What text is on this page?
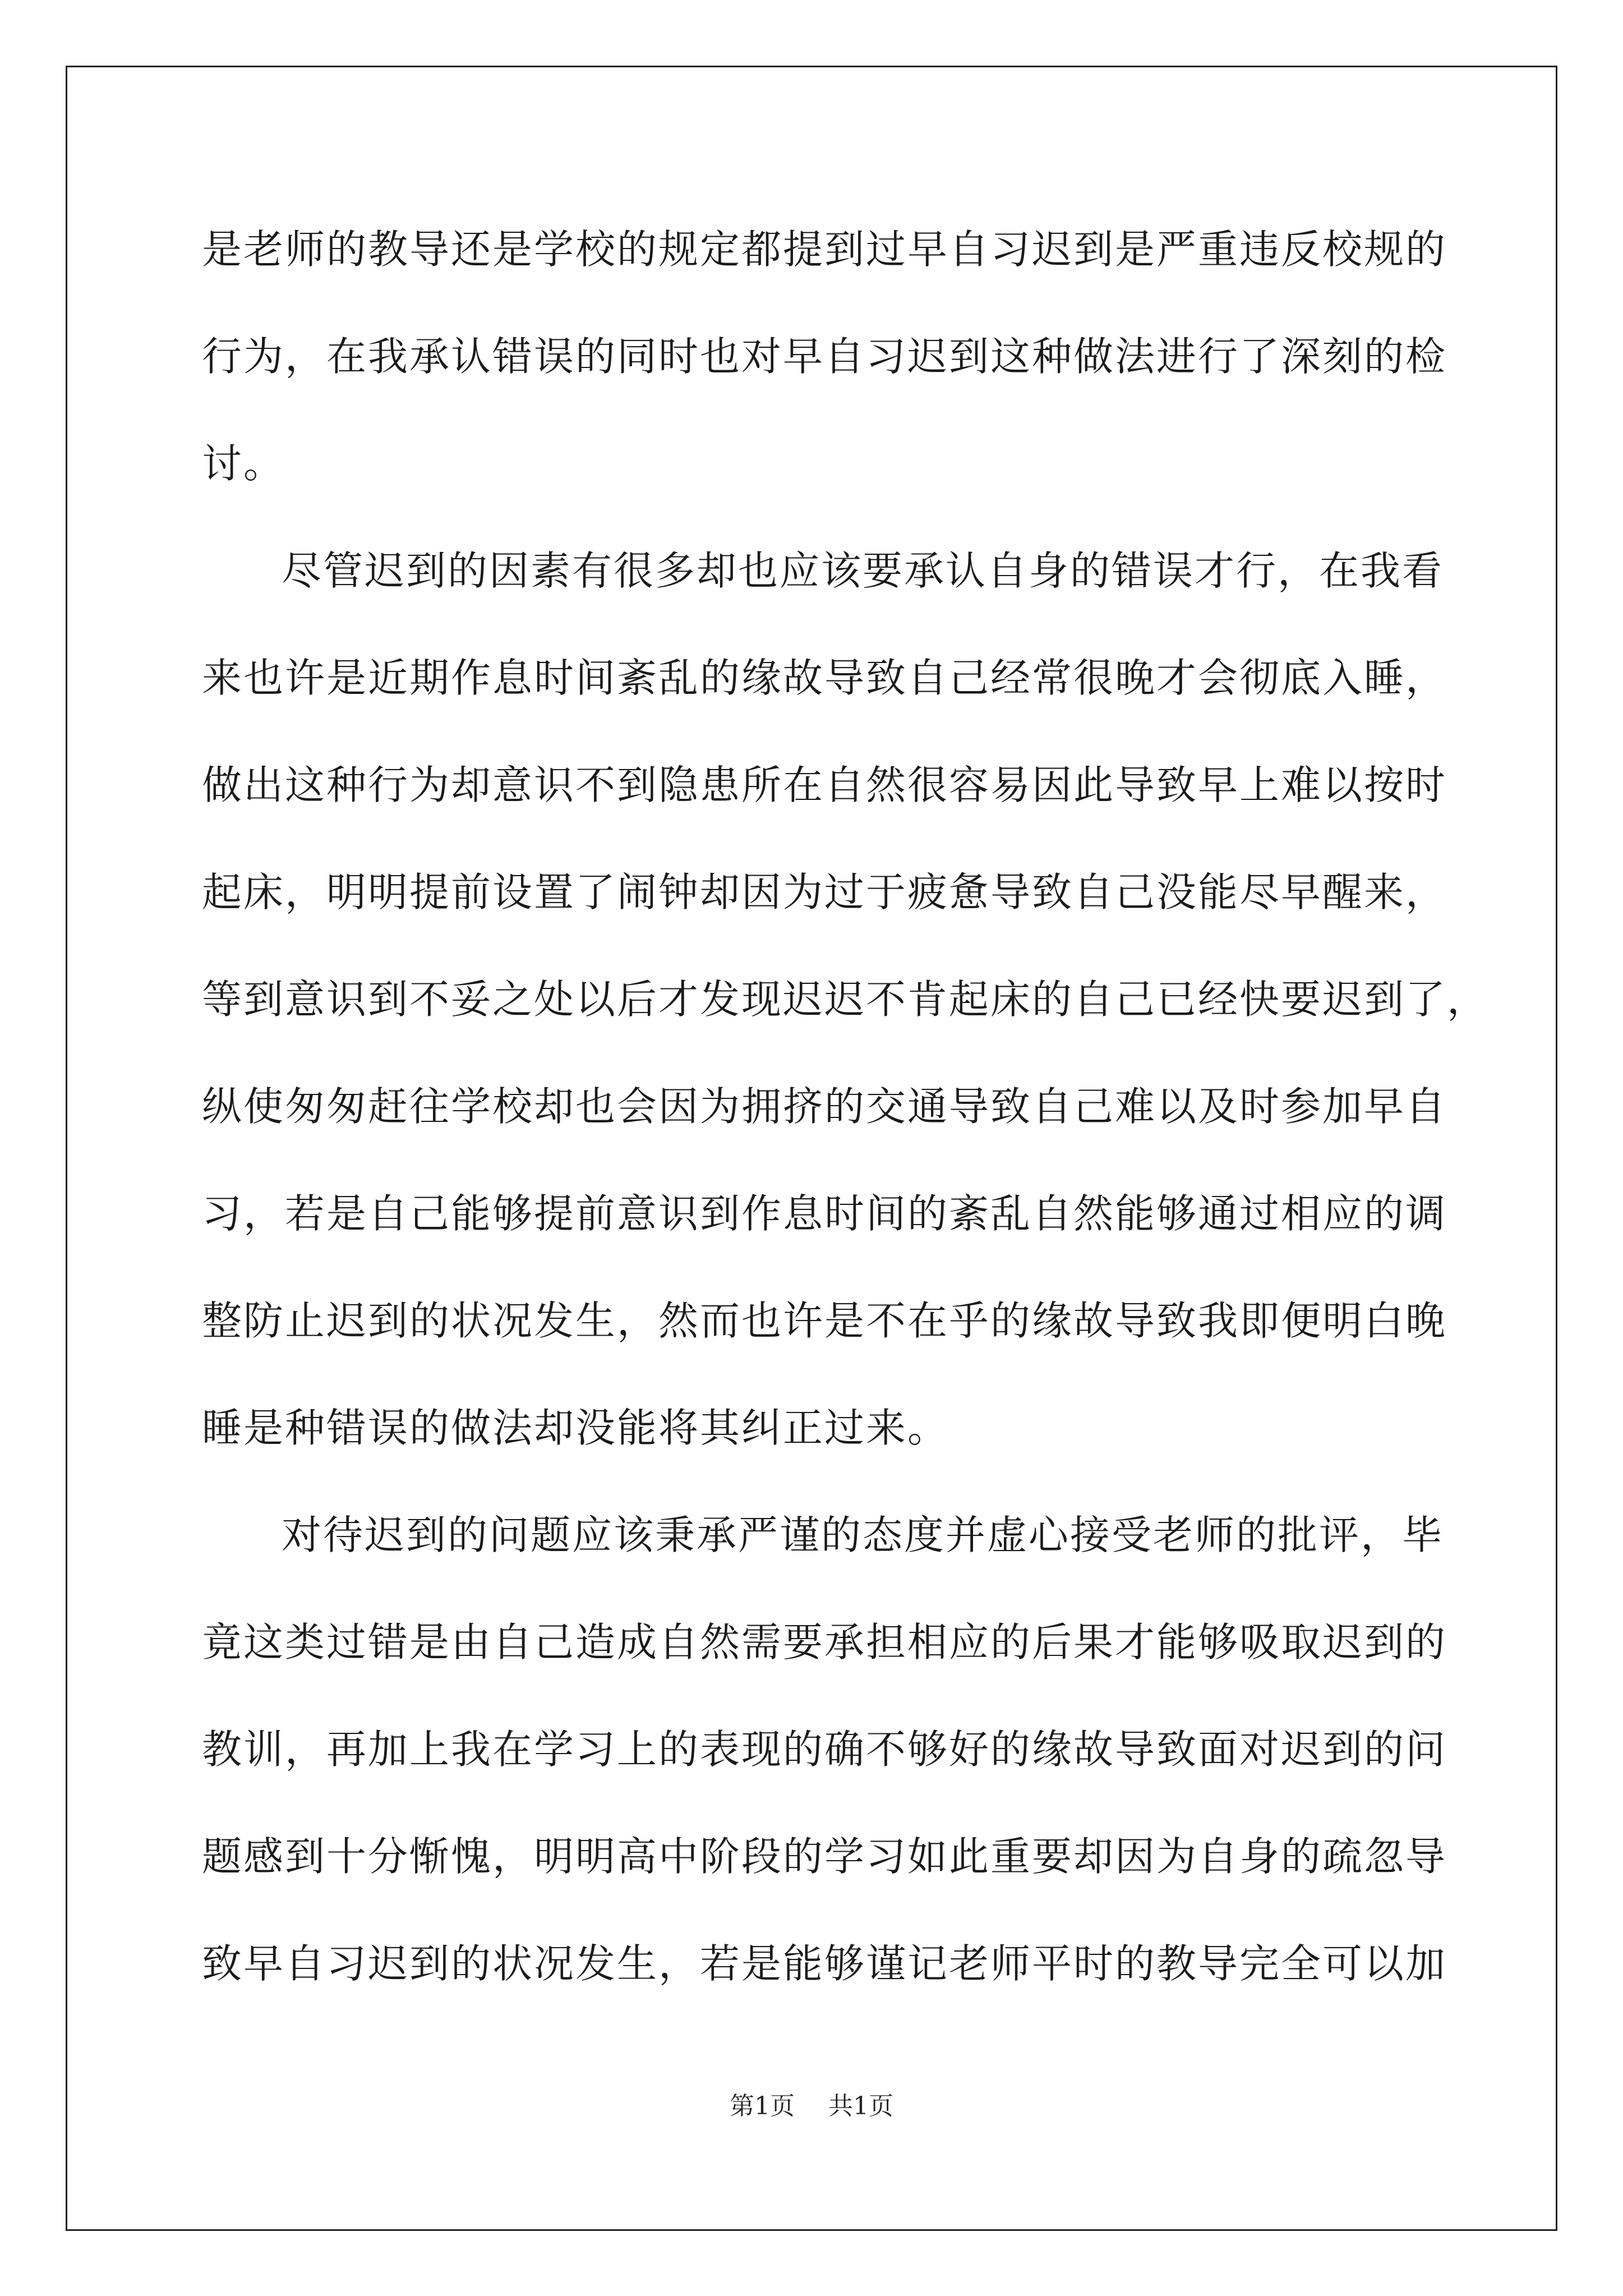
是老师的教导还是学校的规定都提到过早自习迟到是严重违反校规的
行为，在我承认错误的同时也对早自习迟到这种做法进行了深刻的检
讨。
尽管迟到的因素有很多却也应该要承认自身的错误才行，在我看
来也许是近期作息时间紊乱的缘故导致自己经常很晚才会彻底入睡，
做出这种行为却意识不到隐患所在自然很容易因此导致早上难以按时
起床，明明提前设置了闹钟却因为过于疲惫导致自己没能尽早醒来，
等到意识到不妥之处以后才发现迟迟不肯起床的自己已经快要迟到了，
纵使匆匆赶往学校却也会因为拥挤的交通导致自己难以及时参加早自
习，若是自己能够提前意识到作息时间的紊乱自然能够通过相应的调
整防止迟到的状况发生，然而也许是不在乎的缘故导致我即便明白晚
睡是种错误的做法却没能将其纠正过来。
对待迟到的问题应该秉承严谨的态度并虚心接受老师的批评，毕
竟这类过错是由自己造成自然需要承担相应的后果才能够吸取迟到的
教训，再加上我在学习上的表现的确不够好的缘故导致面对迟到的问
题感到十分惭愧，明明高中阶段的学习如此重要却因为自身的疏忽导
致早自习迟到的状况发生，若是能够谨记老师平时的教导完全可以加
第1页 共1页
